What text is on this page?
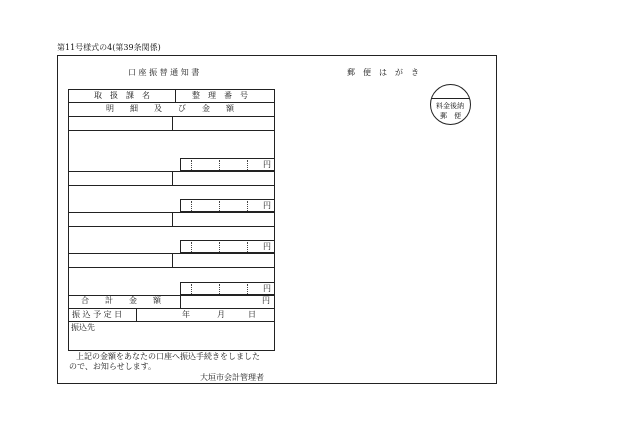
第11号様式の4(第39条関係)
口 座 振 替 通 知 書	郵　便　は　が　き
料金後納
郵　便
取　扱　課　名	整　理　番　号
明　　細　　及　　び　　金　　額
円
円
円
円
合　　計　　金　　額	円
振 込 予 定 日	年	月	日
振込先
上記の金額をあなたの口座へ振込手続きをしました
ので、お知らせします。
大垣市会計管理者
